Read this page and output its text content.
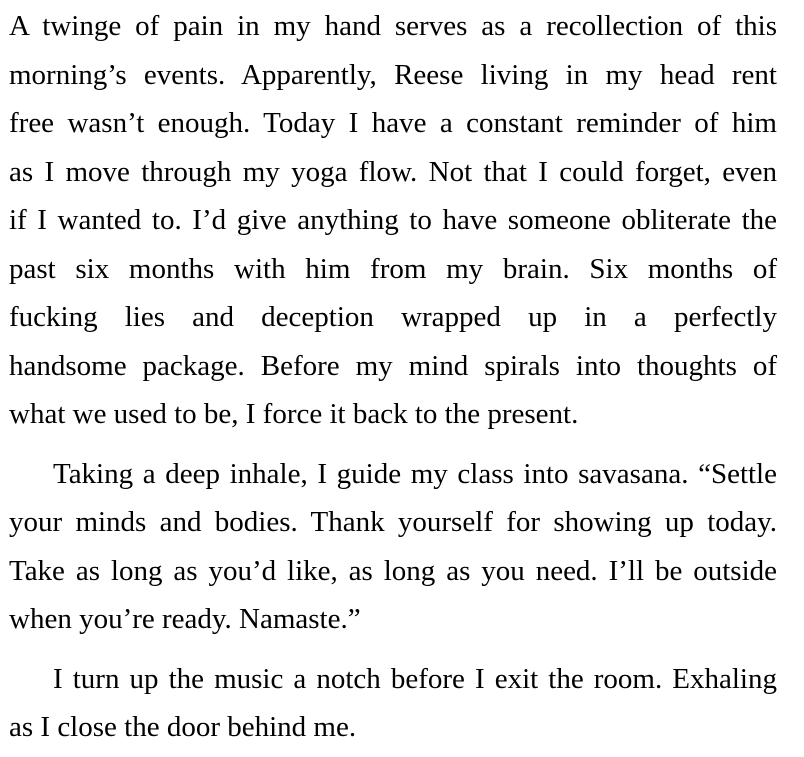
A twinge of pain in my hand serves as a recollection of this
morning’s events. Apparently, Reese living in my head rent
free wasn’t enough. Today I have a constant reminder of him
as I move through my yoga flow. Not that I could forget, even
if I wanted to. I’d give anything to have someone obliterate the
past six months with him from my brain. Six months of
fucking lies and deception wrapped up in a perfectly
handsome package. Before my mind spirals into thoughts of
what we used to be, I force it back to the present.
Taking a deep inhale, I guide my class into savasana. “Settle
your minds and bodies. Thank yourself for showing up today.
Take as long as you’d like, as long as you need. I’ll be outside
when you’re ready. Namaste.”
I turn up the music a notch before I exit the room. Exhaling
as I close the door behind me.
